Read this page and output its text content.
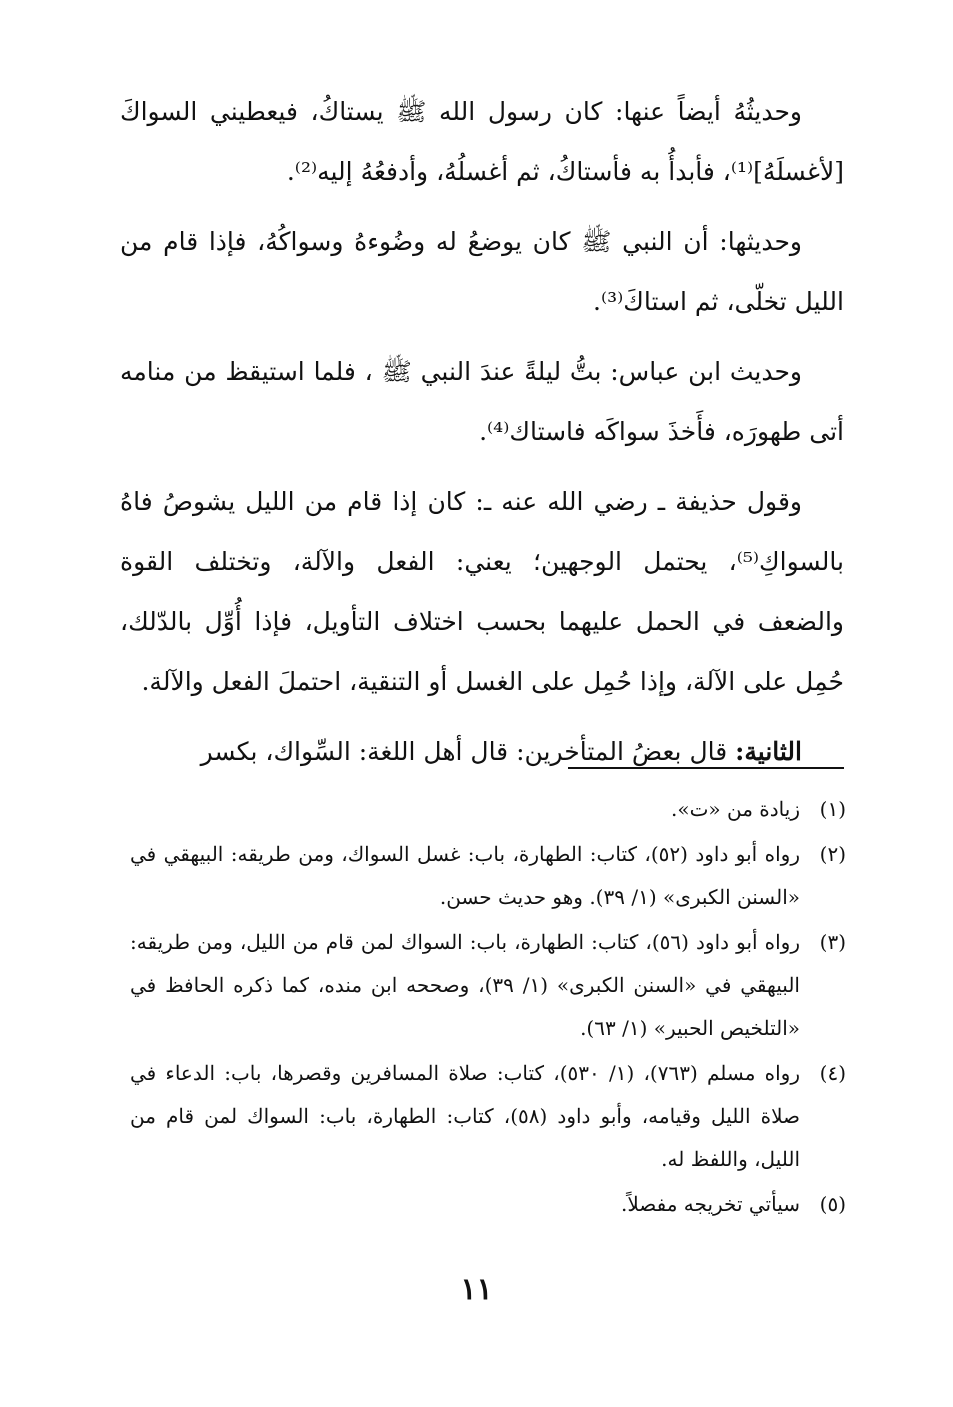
وحديثُهُ أيضاً عنها: كان رسول الله ﷺ يستاكُ، فيعطيني السواكَ [لأغسلَهُ]⁽¹⁾، فأبدأُ به فأستاكُ، ثم أغسلُهُ، وأدفعُهُ إليه⁽²⁾.

وحديثها: أن النبي ﷺ كان يوضعُ له وضُوءهُ وسواكُهُ، فإذا قام من الليل تخلّى، ثم استاكَ⁽³⁾.

وحديث ابن عباس: بتُّ ليلةً عندَ النبي ﷺ ، فلما استيقظ من منامه أتى طهورَه، فأَخذَ سواكَه فاستاك⁽⁴⁾.

وقول حذيفة ـ رضي الله عنه ـ: كان إذا قام من الليل يشوصُ فاهُ بالسواكِ⁽⁵⁾، يحتمل الوجهين؛ يعني: الفعل والآلة، وتختلف القوة والضعف في الحمل عليهما بحسب اختلاف التأويل، فإذا أُوِّل بالدّلك، حُمِل على الآلة، وإذا حُمِل على الغسل أو التنقية، احتملَ الفعل والآلة.

الثانية: قال بعضُ المتأخرين: قال أهل اللغة: السِّواك، بكسر

(١)
زيادة من «ت».
(٢)
رواه أبو داود (٥٢)، كتاب: الطهارة، باب: غسل السواك، ومن طريقه: البيهقي في «السنن الكبرى» (١/ ٣٩). وهو حديث حسن.
(٣)
رواه أبو داود (٥٦)، كتاب: الطهارة، باب: السواك لمن قام من الليل، ومن طريقه: البيهقي في «السنن الكبرى» (١/ ٣٩)، وصححه ابن منده، كما ذكره الحافظ في «التلخيص الحبير» (١/ ٦٣).
(٤)
رواه مسلم (٧٦٣)، (١/ ٥٣٠)، كتاب: صلاة المسافرين وقصرها، باب: الدعاء في صلاة الليل وقيامه، وأبو داود (٥٨)، كتاب: الطهارة، باب: السواك لمن قام من الليل، واللفظ له.
(٥)
سيأتي تخريجه مفصلاً.
١١
